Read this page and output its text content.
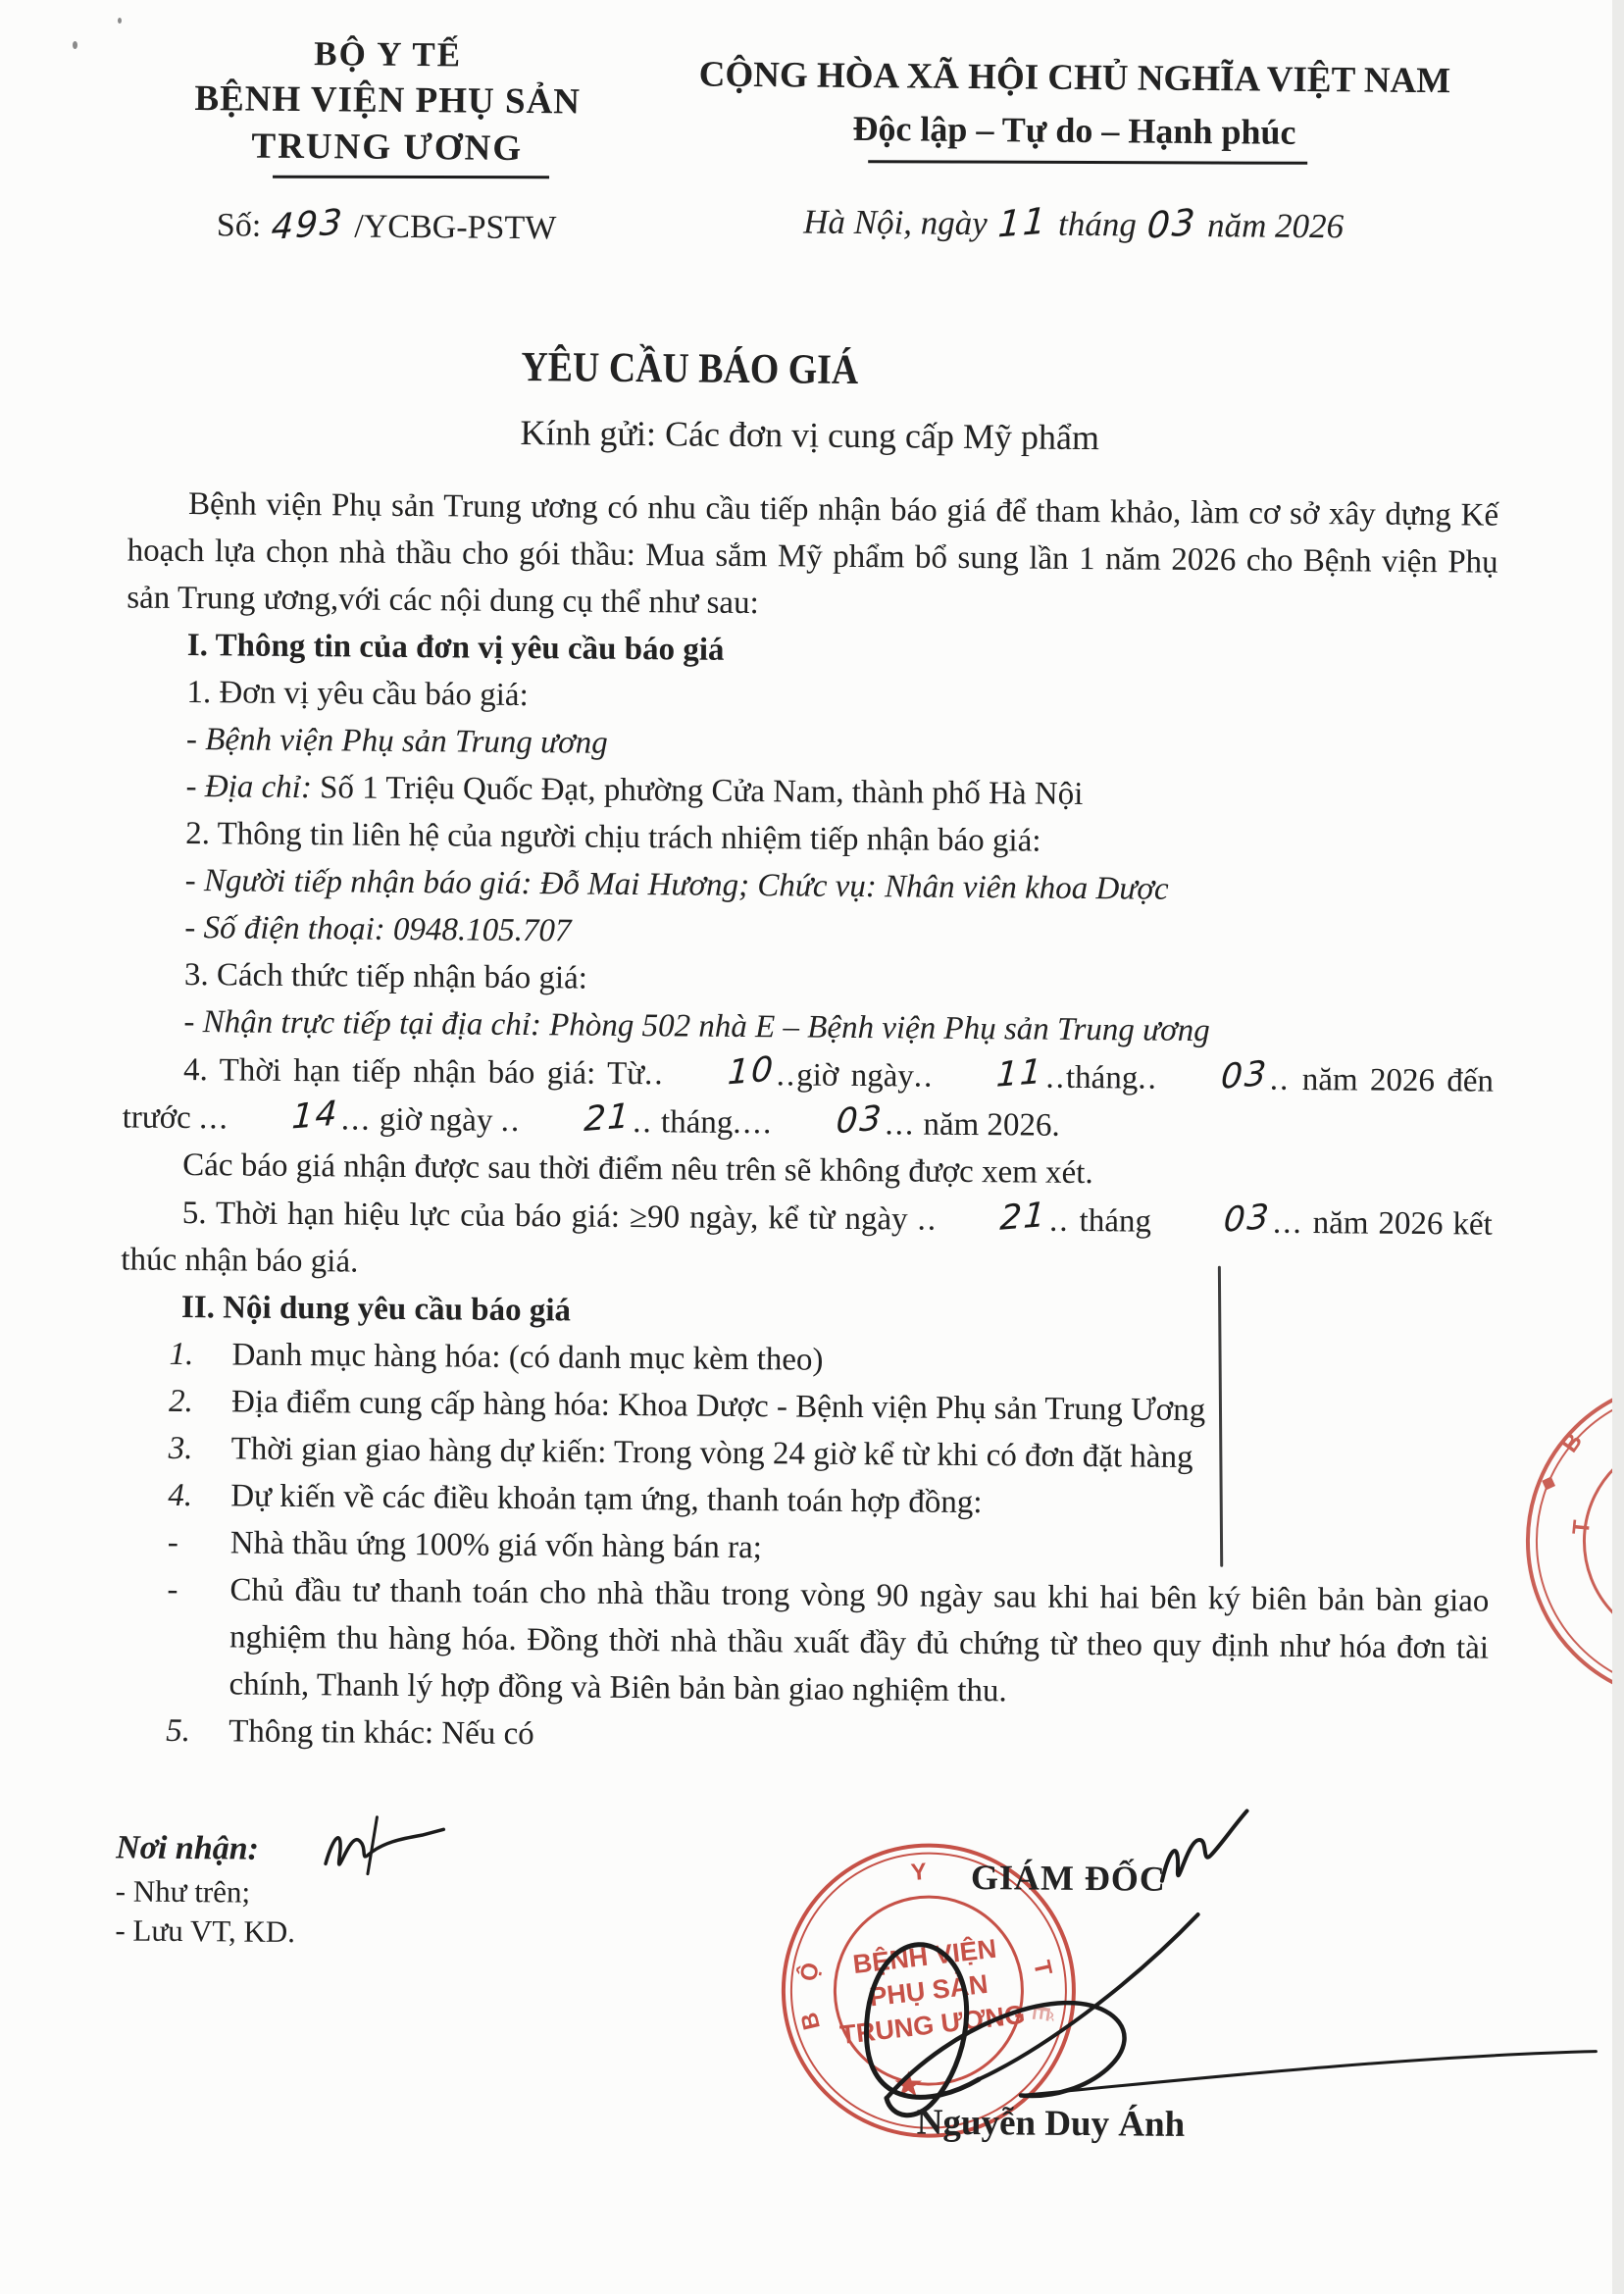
BỘ Y TẾ
BỆNH VIỆN PHỤ SẢN
TRUNG ƯƠNG
Số: 493 /YCBG-PSTW
CỘNG HÒA XÃ HỘI CHỦ NGHĨA VIỆT NAM
Độc lập – Tự do – Hạnh phúc
Hà Nội, ngày 11 tháng 03 năm 2026
YÊU CẦU BÁO GIÁ
Kính gửi: Các đơn vị cung cấp Mỹ phẩm

Bệnh viện Phụ sản Trung ương có nhu cầu tiếp nhận báo giá để tham khảo, làm cơ sở xây dựng Kế hoạch lựa chọn nhà thầu cho gói thầu: Mua sắm Mỹ phẩm bổ sung lần 1 năm 2026 cho Bệnh viện Phụ sản Trung ương,với các nội dung cụ thể như sau:

I. Thông tin của đơn vị yêu cầu báo giá

1. Đơn vị yêu cầu báo giá:

- Bệnh viện Phụ sản Trung ương

- Địa chỉ: Số 1 Triệu Quốc Đạt, phường Cửa Nam, thành phố Hà Nội

2. Thông tin liên hệ của người chịu trách nhiệm tiếp nhận báo giá:

- Người tiếp nhận báo giá: Đỗ Mai Hương; Chức vụ: Nhân viên khoa Dược

- Số điện thoại: 0948.105.707

3. Cách thức tiếp nhận báo giá:

- Nhận trực tiếp tại địa chỉ: Phòng 502 nhà E – Bệnh viện Phụ sản Trung ương

4. Thời hạn tiếp nhận báo giá: Từ.. 10..giờ ngày.. 11..tháng.. 03.. năm 2026 đến trước ... 14... giờ ngày .. 21.. tháng.... 03... năm 2026.

Các báo giá nhận được sau thời điểm nêu trên sẽ không được xem xét.

5. Thời hạn hiệu lực của báo giá: ≥90 ngày, kể từ ngày .. 21.. tháng 03... năm 2026 kết thúc nhận báo giá.

II. Nội dung yêu cầu báo giá

1.	Danh mục hàng hóa: (có danh mục kèm theo)
2.	Địa điểm cung cấp hàng hóa: Khoa Dược - Bệnh viện Phụ sản Trung Ương
3.	Thời gian giao hàng dự kiến: Trong vòng 24 giờ kể từ khi có đơn đặt hàng
4.	Dự kiến về các điều khoản tạm ứng, thanh toán hợp đồng:
-	Nhà thầu ứng 100% giá vốn hàng bán ra;
-	Chủ đầu tư thanh toán cho nhà thầu trong vòng 90 ngày sau khi hai bên ký biên bản bàn giao nghiệm thu hàng hóa. Đồng thời nhà thầu xuất đầy đủ chứng từ theo quy định như hóa đơn tài chính, Thanh lý hợp đồng và Biên bản bàn giao nghiệm thu.
5.	Thông tin khác: Nếu có
Nơi nhận:
- Như trên;
- Lưu VT, KD.
GIÁM ĐỐC
Nguyễn Duy Ánh
BỆNH VIỆN
PHỤ SẢN
TRUNG ƯƠNG
B
Ộ
Y
T
Ế
★
B
T
◆
